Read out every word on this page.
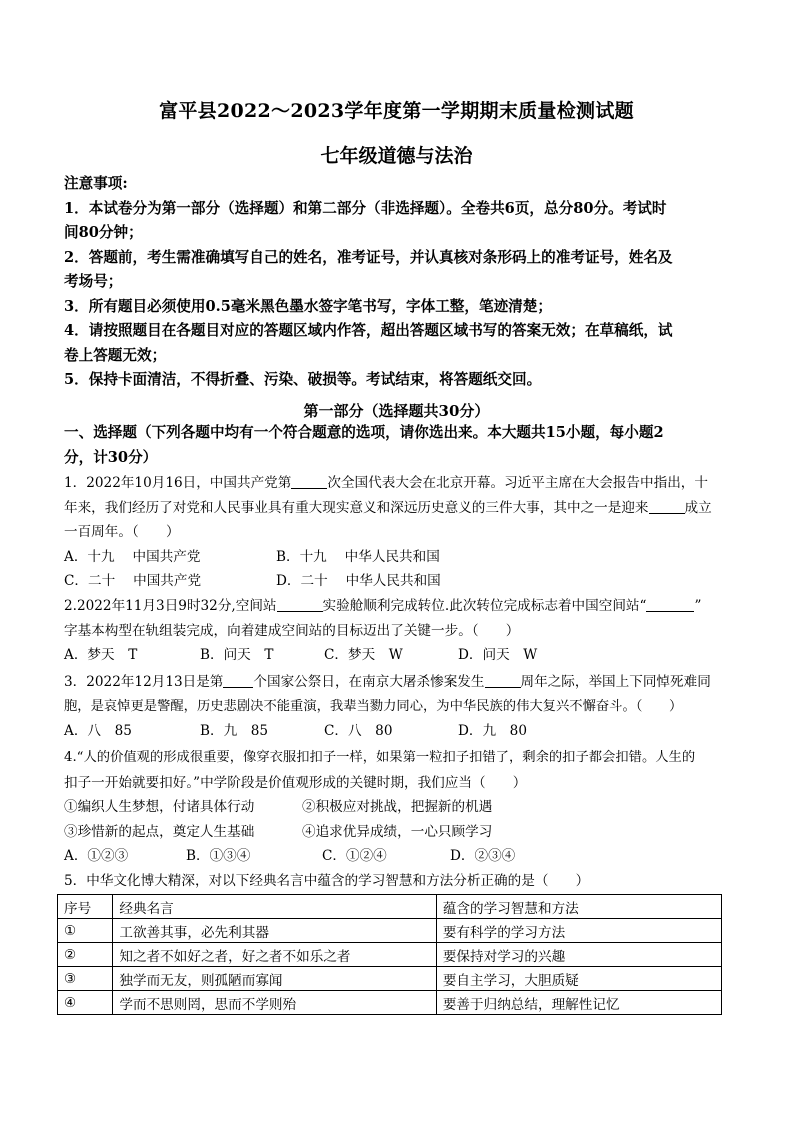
富平县2022～2023学年度第一学期期末质量检测试题
七年级道德与法治

注意事项:

1．本试卷分为第一部分（选择题）和第二部分（非选择题）。全卷共6页，总分80分。考试时

间80分钟；

2．答题前，考生需准确填写自己的姓名，准考证号，并认真核对条形码上的准考证号，姓名及

考场号；

3．所有题目必须使用0.5毫米黑色墨水签字笔书写，字体工整，笔迹清楚；

4．请按照题目在各题目对应的答题区域内作答，超出答题区域书写的答案无效；在草稿纸，试

卷上答题无效；

5．保持卡面清洁，不得折叠、污染、破损等。考试结束，将答题纸交回。

第一部分（选择题共30分）

一、选择题（下列各题中均有一个符合题意的选项，请你选出来。本大题共15小题，每小题2

分，计30分）

1．2022年10月16日，中国共产党第	次全国代表大会在北京开幕。习近平主席在大会报告中指出，十

年来，我们经历了对党和人民事业具有重大现实意义和深远历史意义的三件大事，其中之一是迎来	成立

一百周年。（　　）

A．十九　 中国共产党	B．十九　 中华人民共和国
C．二十　 中国共产党	D．二十　 中华人民共和国

2.2022年11月3日9时32分,空间站	实验舱顺利完成转位.此次转位完成标志着中国空间站“	”

字基本构型在轨组装完成，向着建成空间站的目标迈出了关键一步。（　　）

A．梦天　T	B．问天　T	C．梦天　W	D．问天　W

3．2022年12月13日是第 个国家公祭日，在南京大屠杀惨案发生	周年之际，举国上下同悼死难同

胞，是哀悼更是警醒，历史悲剧决不能重演，我辈当勠力同心，为中华民族的伟大复兴不懈奋斗。（　　）

A．八　85	B．九　85	C．八　80	D．九　80

4.“人的价值观的形成很重要，像穿衣服扣扣子一样，如果第一粒扣子扣错了，剩余的扣子都会扣错。人生的

扣子一开始就要扣好。”中学阶段是价值观形成的关键时期，我们应当（　　）

①编织人生梦想，付诸具体行动	②积极应对挑战，把握新的机遇
③珍惜新的起点，奠定人生基础	④追求优异成绩，一心只顾学习
A．①②③	B．①③④	C．①②④	D．②③④

5．中华文化博大精深，对以下经典名言中蕴含的学习智慧和方法分析正确的是（　　）

序号	经典名言	蕴含的学习智慧和方法
①	工欲善其事，必先利其器	要有科学的学习方法
②	知之者不如好之者，好之者不如乐之者	要保持对学习的兴趣
③	独学而无友，则孤陋而寡闻	要自主学习，大胆质疑
④	学而不思则罔，思而不学则殆	要善于归纳总结，理解性记忆
